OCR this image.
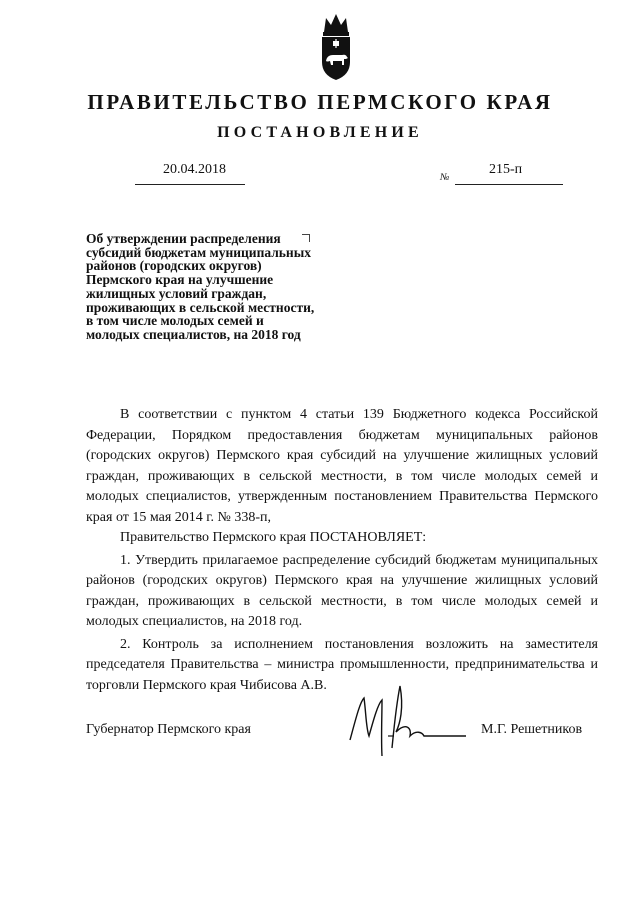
ПРАВИТЕЛЬСТВО ПЕРМСКОГО КРАЯ
ПОСТАНОВЛЕНИЕ
20.04.2018
№
215-п

Об утверждении распределения субсидий бюджетам муниципальных районов (городских округов) Пермского края на улучшение жилищных условий граждан, проживающих в сельской местности, в том числе молодых семей и молодых специалистов, на 2018 год

В соответствии с пунктом 4 статьи 139 Бюджетного кодекса Российской Федерации, Порядком предоставления бюджетам муниципальных районов (городских округов) Пермского края субсидий на улучшение жилищных условий граждан, проживающих в сельской местности, в том числе молодых семей и молодых специалистов, утвержденным постановлением Правительства Пермского края от 15 мая 2014 г. № 338-п,

Правительство Пермского края ПОСТАНОВЛЯЕТ:

1. Утвердить прилагаемое распределение субсидий бюджетам муниципальных районов (городских округов) Пермского края на улучшение жилищных условий граждан, проживающих в сельской местности, в том числе молодых семей и молодых специалистов, на 2018 год.

2. Контроль за исполнением постановления возложить на заместителя председателя Правительства – министра промышленности, предпринимательства и торговли Пермского края Чибисова А.В.

Губернатор Пермского края	М.Г. Решетников
